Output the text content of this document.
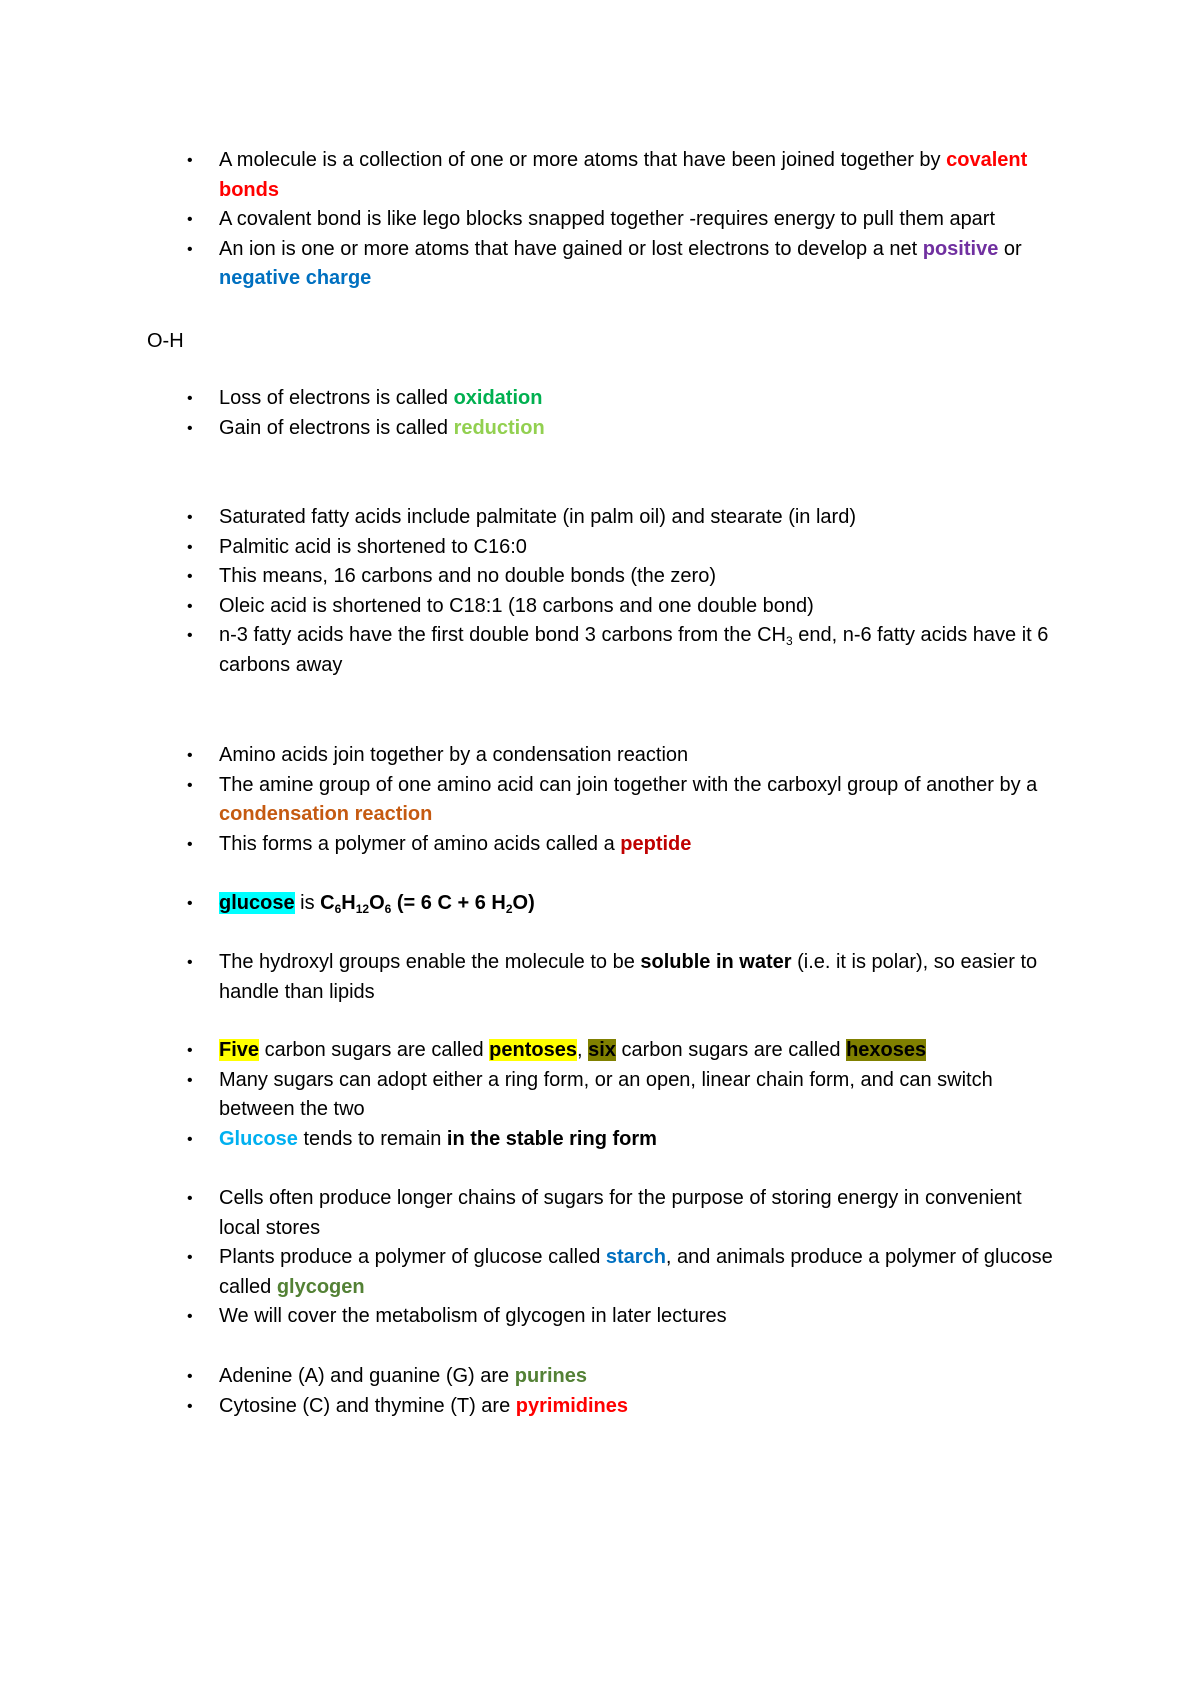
• A molecule is a collection of one or more atoms that have been joined together by covalent bonds
• A covalent bond is like lego blocks snapped together -requires energy to pull them apart
• An ion is one or more atoms that have gained or lost electrons to develop a net positive or negative charge
O-H
• Loss of electrons is called oxidation
• Gain of electrons is called reduction
• Saturated fatty acids include palmitate (in palm oil) and stearate (in lard)
• Palmitic acid is shortened to C16:0
• This means, 16 carbons and no double bonds (the zero)
• Oleic acid is shortened to C18:1 (18 carbons and one double bond)
• n-3 fatty acids have the first double bond 3 carbons from the $CH_3$ end, n-6 fatty acids have it 6 carbons away
• Amino acids join together by a condensation reaction
• The amine group of one amino acid can join together with the carboxyl group of another by a condensation reaction
• This forms a polymer of amino acids called a peptide
• glucose is $C_6H_{12}O_6$ (= 6 C + 6 $H_2O$)
• The hydroxyl groups enable the molecule to be soluble in water (i.e. it is polar), so easier to handle than lipids
• Five carbon sugars are called pentoses, six carbon sugars are called hexoses
• Many sugars can adopt either a ring form, or an open, linear chain form, and can switch between the two
• Glucose tends to remain in the stable ring form
• Cells often produce longer chains of sugars for the purpose of storing energy in convenient local stores
• Plants produce a polymer of glucose called starch, and animals produce a polymer of glucose called glycogen
• We will cover the metabolism of glycogen in later lectures
• Adenine (A) and guanine (G) are purines
• Cytosine (C) and thymine (T) are pyrimidines
